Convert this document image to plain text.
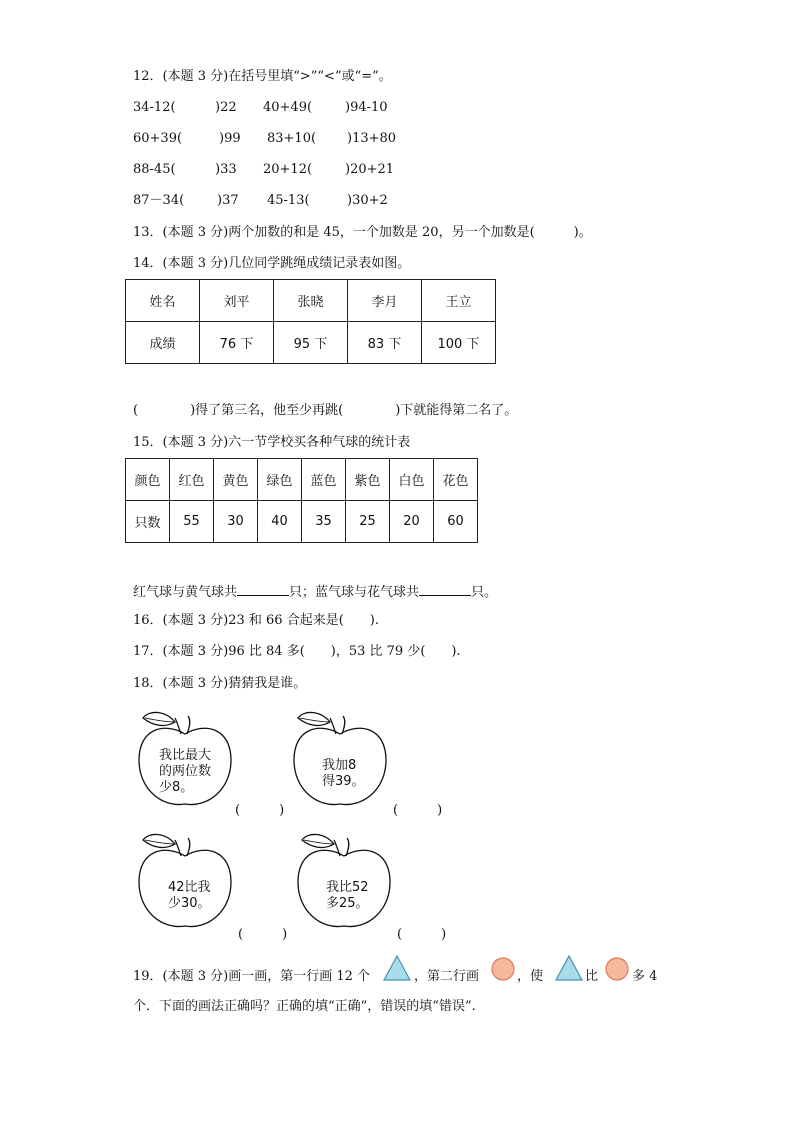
12．(本题 3 分)在括号里填“>”“<”或“=”。
34-12(	)22 40+49(	)94-10
60+39(	)99 83+10( )13+80
88-45(	)33 20+12(	)20+21
87－34(	)37 45-13(	)30+2
13．(本题 3 分)两个加数的和是 45，一个加数是 20，另一个加数是(　　　)。
14．(本题 3 分)几位同学跳绳成绩记录表如图。
姓名	刘平	张晓	李月	王立
成绩	76 下	95 下	83 下	100 下
(　　　　)得了第三名，他至少再跳(　　　　)下就能得第二名了。
15．(本题 3 分)六一节学校买各种气球的统计表
颜色	红色	黄色	绿色	蓝色	紫色	白色	花色
只数	55	30	40	35	25	20	60
红气球与黄气球共	只；蓝气球与花气球共	只。
16．(本题 3 分)23 和 66 合起来是(　　).
17．(本题 3 分)96 比 84 多(　　)，53 比 79 少(　　).
18．(本题 3 分)猜猜我是谁。
我比最大
的两位数
少8。
(　　　)
我加8
得39。
(　　　)
42比我
少30。
(　　　)
我比52
多25。
(　　　)
19．(本题 3 分)画一画，第一行画 12 个	，第二行画	，使	比	多 4
个．下面的画法正确吗？正确的填“正确”，错误的填“错误”.
